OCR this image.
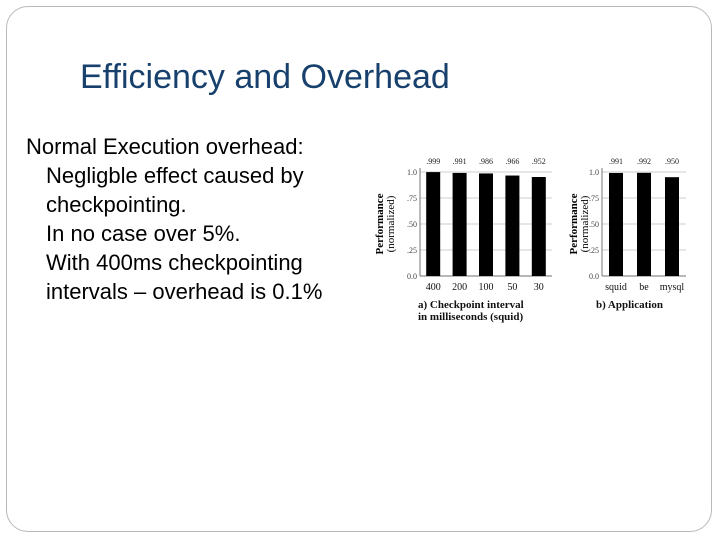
Efficiency and Overhead
Normal Execution overhead:

Negligble effect caused by checkpointing.

In no case over 5%.

With 400ms checkpointing intervals – overhead is 0.1%

Performance(normalized)
0.0
.25
.50
.75
1.0
.999
400
.991
200
.986
100
.966
50
.952
30
a) Checkpoint interval in milliseconds (squid)
Performance(normalized)
0.0
.25
.50
.75
1.0
.991
squid
.992
be
.950
mysql
b) Application
